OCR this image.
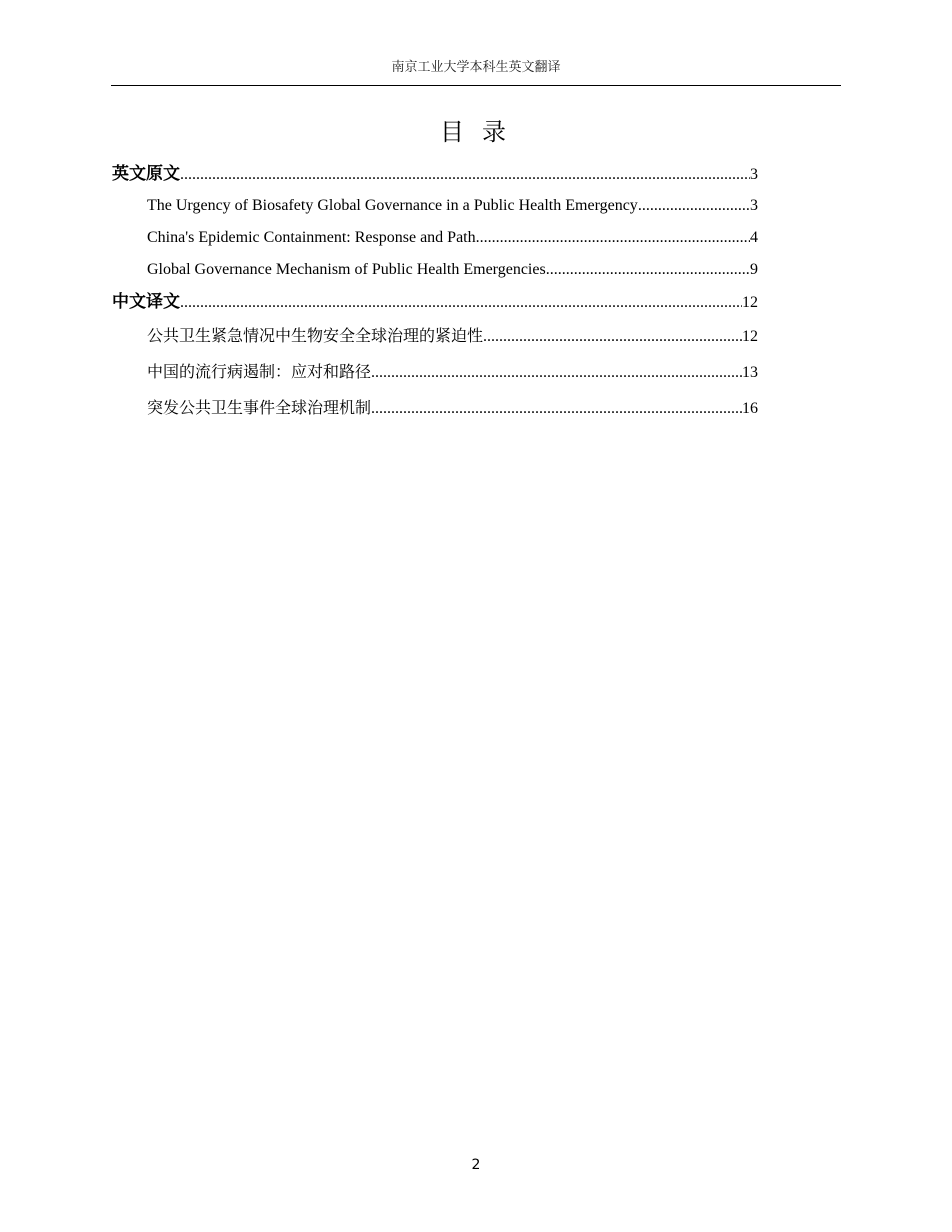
南京工业大学本科生英文翻译
目 录
英文原文 .....	3
The Urgency of Biosafety Global Governance in a Public Health Emergency .....	3
China's Epidemic Containment: Response and Path .....	4
Global Governance Mechanism of Public Health Emergencies .....	9
中文译文 .....	12
公共卫生紧急情况中生物安全全球治理的紧迫性 .....	12
中国的流行病遏制：应对和路径 .....	13
突发公共卫生事件全球治理机制 .....	16
2
